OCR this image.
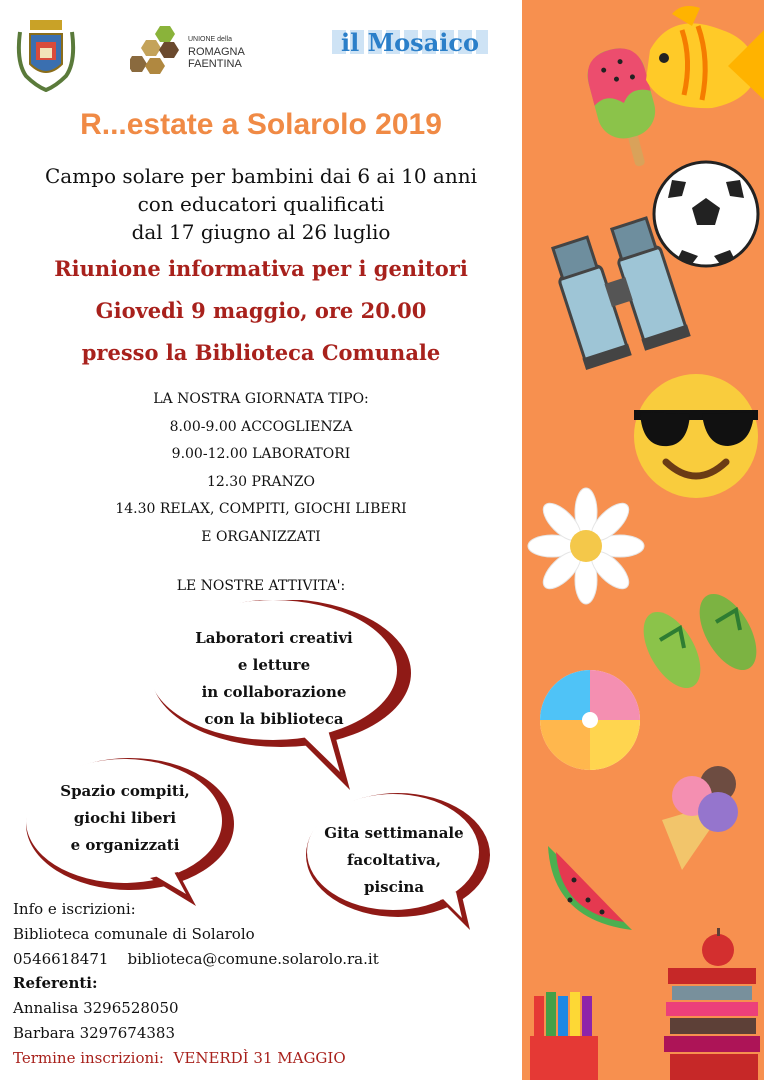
UNIONE della
ROMAGNA
FAENTINA
il Mosaico
R...estate a Solarolo 2019
Campo solare per bambini dai 6 ai 10 anni
con educatori qualificati
dal 17 giugno al 26 luglio
Riunione informativa per i genitori
Giovedì 9 maggio, ore 20.00
presso la Biblioteca Comunale
LA NOSTRA GIORNATA TIPO:
8.00-9.00 ACCOGLIENZA
9.00-12.00 LABORATORI
12.30 PRANZO
14.30 RELAX, COMPITI, GIOCHI LIBERI
E ORGANIZZATI
LE NOSTRE ATTIVITA':
Laboratori creativi
e letture
in collaborazione
con la biblioteca
Spazio compiti,
giochi liberi
e organizzati
Gita settimanale
facoltativa,
piscina
Info e iscrizioni:
Biblioteca comunale di Solarolo
0546618471 biblioteca@comune.solarolo.ra.it
Referenti:
Annalisa 3296528050
Barbara 3297674383
Termine inscrizioni: VENERDÌ 31 MAGGIO
